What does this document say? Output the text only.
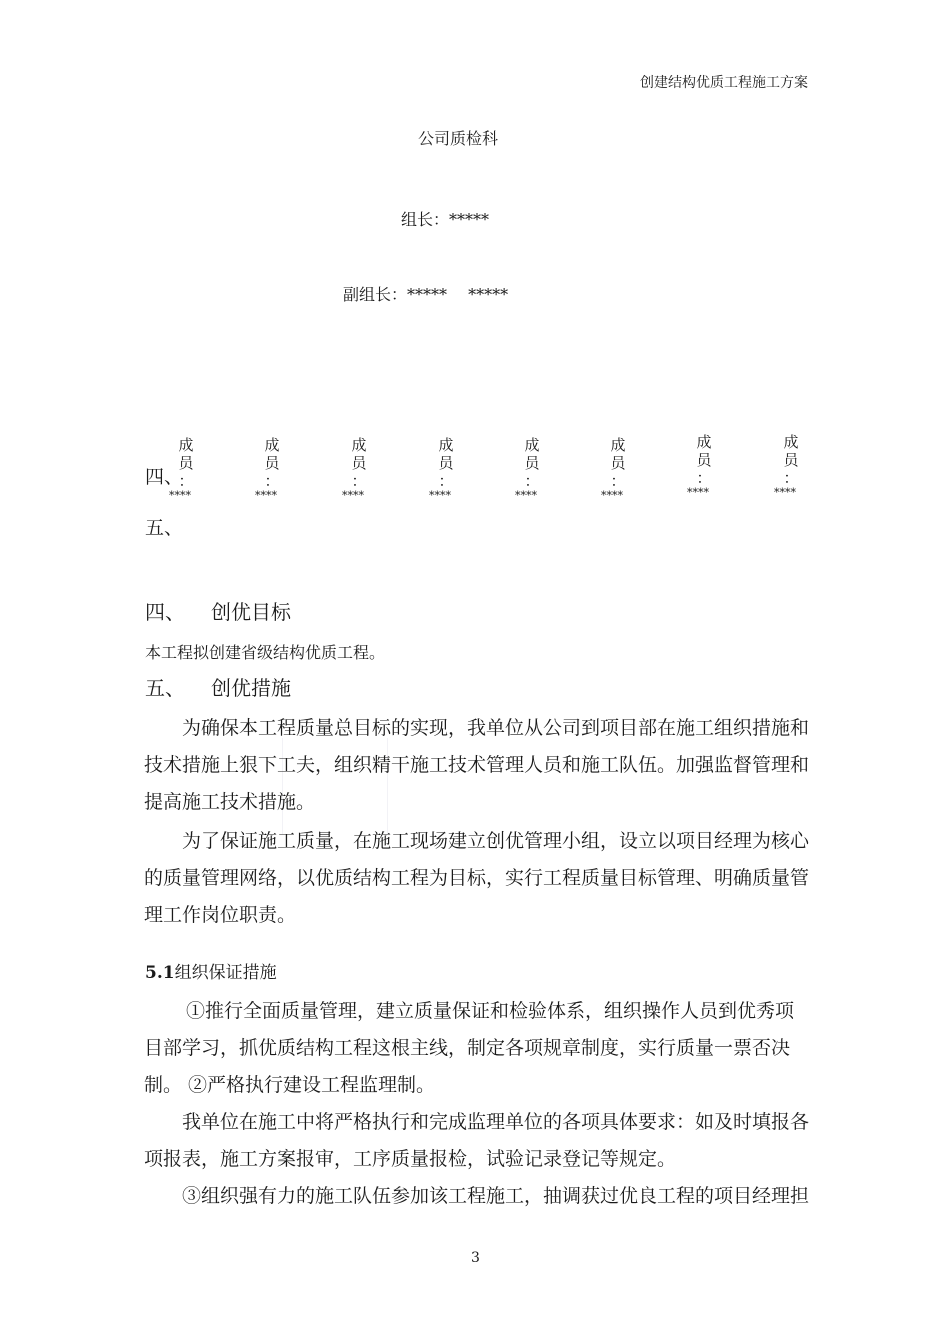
创建结构优质工程施工方案
公司质检科
组长：*****
副组长：*****　 *****
成
员
：
****
成
员
：
****
成
员
：
****
成
员
：
****
成
员
：
****
成
员
：
****
成
员
：
****
成
员
：
****
四、
五、
四、 创优目标
本工程拟创建省级结构优质工程。
五、 创优措施
为确保本工程质量总目标的实现，我单位从公司到项目部在施工组织措施和技术措施上狠下工夫，组织精干施工技术管理人员和施工队伍。加强监督管理和提高施工技术措施。
为了保证施工质量，在施工现场建立创优管理小组，设立以项目经理为核心的质量管理网络，以优质结构工程为目标，实行工程质量目标管理、明确质量管理工作岗位职责。
5.1组织保证措施
①推行全面质量管理，建立质量保证和检验体系，组织操作人员到优秀项目部学习，抓优质结构工程这根主线，制定各项规章制度，实行质量一票否决制。 ②严格执行建设工程监理制。
我单位在施工中将严格执行和完成监理单位的各项具体要求：如及时填报各项报表，施工方案报审，工序质量报检，试验记录登记等规定。
③组织强有力的施工队伍参加该工程施工，抽调获过优良工程的项目经理担
3
